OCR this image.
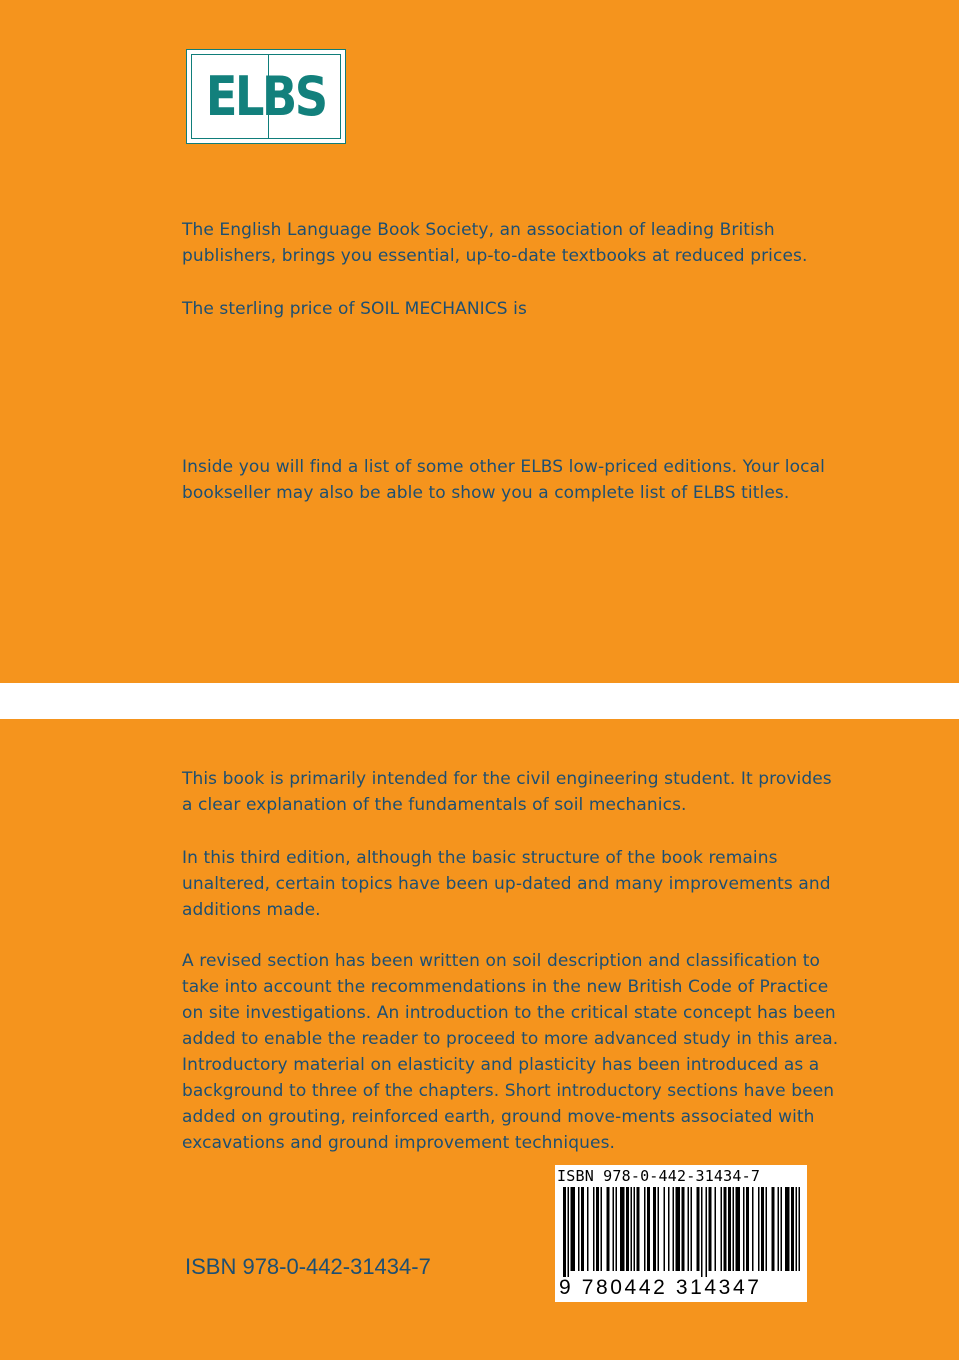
ELBS

The English Language Book Society, an association of leading British publishers, brings you essential, up-to-date textbooks at reduced prices.

The sterling price of SOIL MECHANICS is

Inside you will find a list of some other ELBS low-priced editions. Your local bookseller may also be able to show you a complete list of ELBS titles.

This book is primarily intended for the civil engineering student. It provides a clear explanation of the fundamentals of soil mechanics.

In this third edition, although the basic structure of the book remains unaltered, certain topics have been up-dated and many improvements and additions made.

A revised section has been written on soil description and classification to take into account the recommendations in the new British Code of Practice on site investigations. An introduction to the critical state concept has been added to enable the reader to proceed to more advanced study in this area. Introductory material on elasticity and plasticity has been introduced as a background to three of the chapters. Short introductory sections have been added on grouting, reinforced earth, ground move-ments associated with excavations and ground improvement techniques.

ISBN 978-0-442-31434-7
ISBN 978-0-442-31434-7
9 780442 314347
